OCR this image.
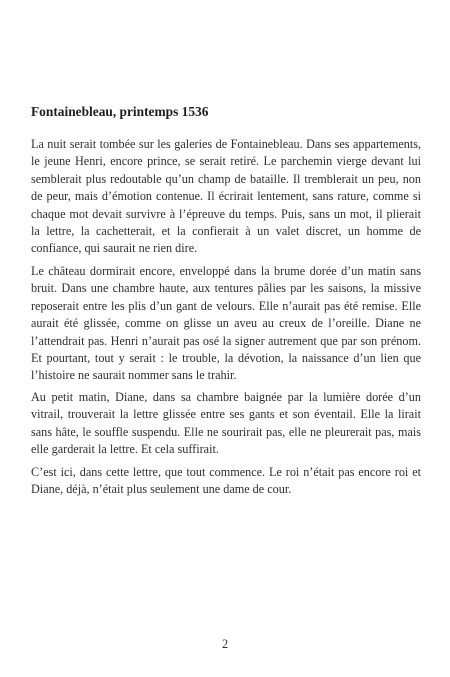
Fontainebleau, printemps 1536

La nuit serait tombée sur les galeries de Fontainebleau. Dans ses appartements, le jeune Henri, encore prince, se serait retiré. Le parchemin vierge devant lui semblerait plus redoutable qu’un champ de bataille. Il tremblerait un peu, non de peur, mais d’émotion contenue. Il écrirait lentement, sans rature, comme si chaque mot devait survivre à l’épreuve du temps. Puis, sans un mot, il plierait la lettre, la cachetterait, et la confierait à un valet discret, un homme de confiance, qui saurait ne rien dire.

Le château dormirait encore, enveloppé dans la brume dorée d’un matin sans bruit. Dans une chambre haute, aux tentures pâlies par les saisons, la missive reposerait entre les plis d’un gant de velours. Elle n’aurait pas été remise. Elle aurait été glissée, comme on glisse un aveu au creux de l’oreille. Diane ne l’attendrait pas. Henri n’aurait pas osé la signer autrement que par son prénom. Et pourtant, tout y serait : le trouble, la dévotion, la naissance d’un lien que l’histoire ne saurait nommer sans le trahir.

Au petit matin, Diane, dans sa chambre baignée par la lumière dorée d’un vitrail, trouverait la lettre glissée entre ses gants et son éventail. Elle la lirait sans hâte, le souffle suspendu. Elle ne sourirait pas, elle ne pleurerait pas, mais elle garderait la lettre. Et cela suffirait.

C’est ici, dans cette lettre, que tout commence. Le roi n’était pas encore roi et Diane, déjà, n’était plus seulement une dame de cour.

2
